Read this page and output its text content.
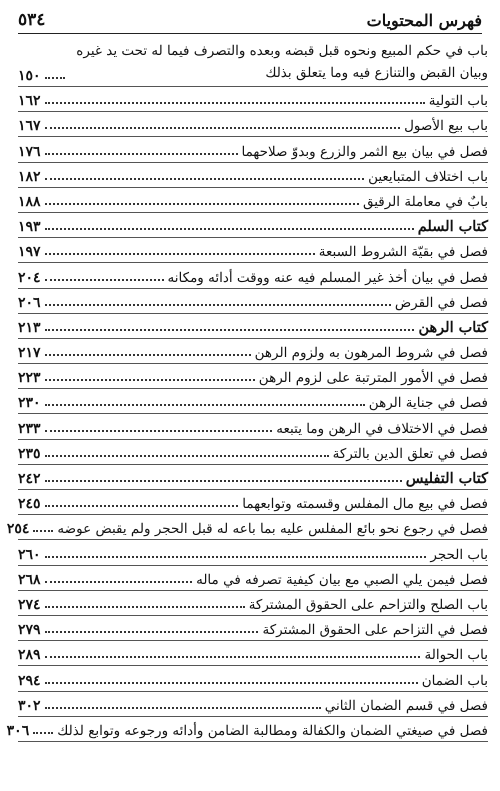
٥٣٤	فهرس المحتويات
باب في حكم المبيع ونحوه قبل قبضه وبعده والتصرف فيما له تحت يد غيره وبيان القبض والتنازع فيه وما يتعلق بذلك
١٥٠
باب التولية
١٦٢
باب بيع الأصول
١٦٧
فصل في بيان بيع الثمر والزرع وبدوّ صلاحهما
١٧٦
باب اختلاف المتبايعين
١٨٢
بابٌ في معاملة الرقيق
١٨٨
كتاب السلم
١٩٣
فصل في بقيّة الشروط السبعة
١٩٧
فصل في بيان أخذ غير المسلم فيه عنه ووقت أدائه ومكانه
٢٠٤
فصل في القرض
٢٠٦
كتاب الرهن
٢١٣
فصل في شروط المرهون به ولزوم الرهن
٢١٧
فصل في الأمور المترتبة على لزوم الرهن
٢٢٣
فصل في جناية الرهن
٢٣٠
فصل في الاختلاف في الرهن وما يتبعه
٢٣٣
فصل في تعلق الدين بالتركة
٢٣٥
كتاب التفليس
٢٤٢
فصل في بيع مال المفلس وقسمته وتوابعهما
٢٤٥
فصل في رجوع نحو بائع المفلس عليه بما باعه له قبل الحجر ولم يقبض عوضه
٢٥٤
باب الحجر
٢٦٠
فصل فيمن يلي الصبي مع بيان كيفية تصرفه في ماله
٢٦٨
باب الصلح والتزاحم على الحقوق المشتركة
٢٧٤
فصل في التزاحم على الحقوق المشتركة
٢٧٩
باب الحوالة
٢٨٩
باب الضمان
٢٩٤
فصل في قسم الضمان الثاني
٣٠٢
فصل في صيغتي الضمان والكفالة ومطالبة الضامن وأدائه ورجوعه وتوابع لذلك
٣٠٦
